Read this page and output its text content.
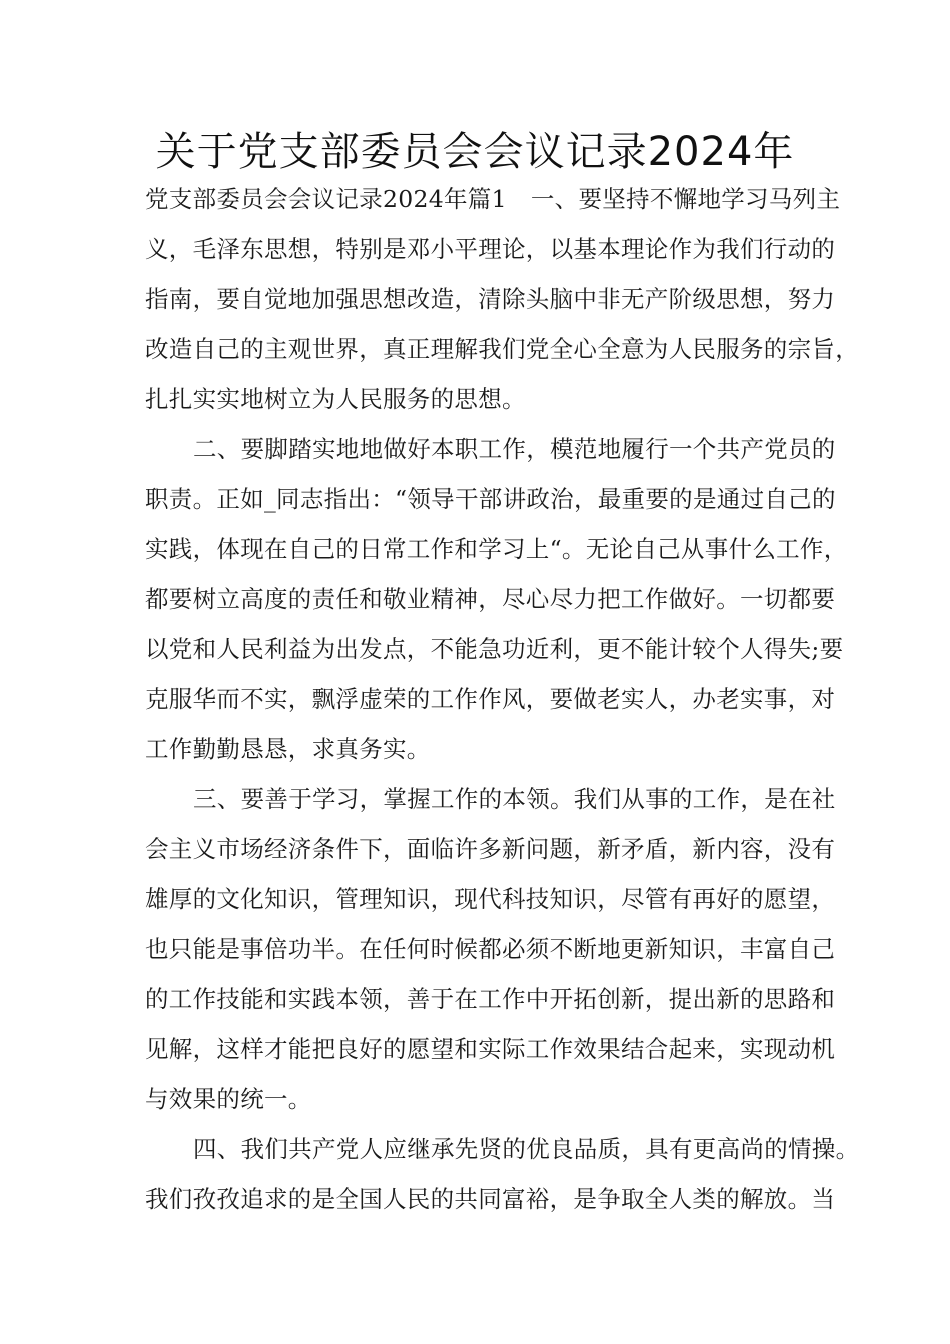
关于党支部委员会会议记录2024年
党支部委员会会议记录2024年篇1 一、要坚持不懈地学习马列主
义，毛泽东思想，特别是邓小平理论，以基本理论作为我们行动的
指南，要自觉地加强思想改造，清除头脑中非无产阶级思想，努力
改造自己的主观世界，真正理解我们党全心全意为人民服务的宗旨，
扎扎实实地树立为人民服务的思想。
二、要脚踏实地地做好本职工作，模范地履行一个共产党员的
职责。正如_同志指出：“领导干部讲政治，最重要的是通过自己的
实践，体现在自己的日常工作和学习上“。无论自己从事什么工作，
都要树立高度的责任和敬业精神，尽心尽力把工作做好。一切都要
以党和人民利益为出发点，不能急功近利，更不能计较个人得失;要
克服华而不实，飘浮虚荣的工作作风，要做老实人，办老实事，对
工作勤勤恳恳，求真务实。
三、要善于学习，掌握工作的本领。我们从事的工作，是在社
会主义市场经济条件下，面临许多新问题，新矛盾，新内容，没有
雄厚的文化知识，管理知识，现代科技知识，尽管有再好的愿望，
也只能是事倍功半。在任何时候都必须不断地更新知识，丰富自己
的工作技能和实践本领，善于在工作中开拓创新，提出新的思路和
见解，这样才能把良好的愿望和实际工作效果结合起来，实现动机
与效果的统一。
四、我们共产党人应继承先贤的优良品质，具有更高尚的情操。
我们孜孜追求的是全国人民的共同富裕，是争取全人类的解放。当
